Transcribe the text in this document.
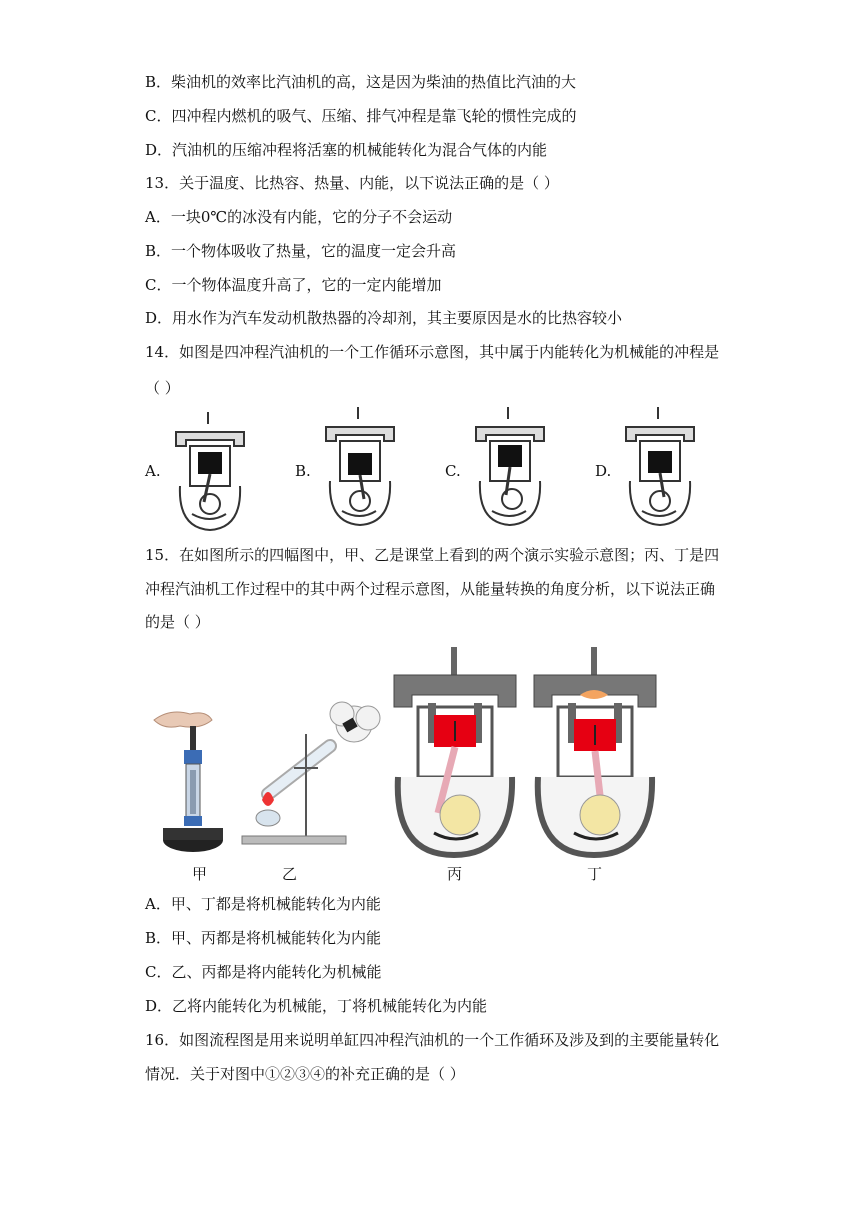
B．柴油机的效率比汽油机的高，这是因为柴油的热值比汽油的大
C．四冲程内燃机的吸气、压缩、排气冲程是靠飞轮的惯性完成的
D．汽油机的压缩冲程将活塞的机械能转化为混合气体的内能
13．关于温度、比热容、热量、内能，以下说法正确的是（ ）
A．一块0℃的冰没有内能，它的分子不会运动
B．一个物体吸收了热量，它的温度一定会升高
C．一个物体温度升高了，它的一定内能增加
D．用水作为汽车发动机散热器的冷却剂，其主要原因是水的比热容较小
14．如图是四冲程汽油机的一个工作循环示意图，其中属于内能转化为机械能的冲程是
（ ）
A.	B.	C.	D.
15．在如图所示的四幅图中，甲、乙是课堂上看到的两个演示实验示意图；丙、丁是四
冲程汽油机工作过程中的其中两个过程示意图，从能量转换的角度分析，以下说法正确
的是（ ）
甲	乙	丙	丁
A．甲、丁都是将机械能转化为内能
B．甲、丙都是将机械能转化为内能
C．乙、丙都是将内能转化为机械能
D．乙将内能转化为机械能，丁将机械能转化为内能
16．如图流程图是用来说明单缸四冲程汽油机的一个工作循环及涉及到的主要能量转化
情况．关于对图中①②③④的补充正确的是（ ）
